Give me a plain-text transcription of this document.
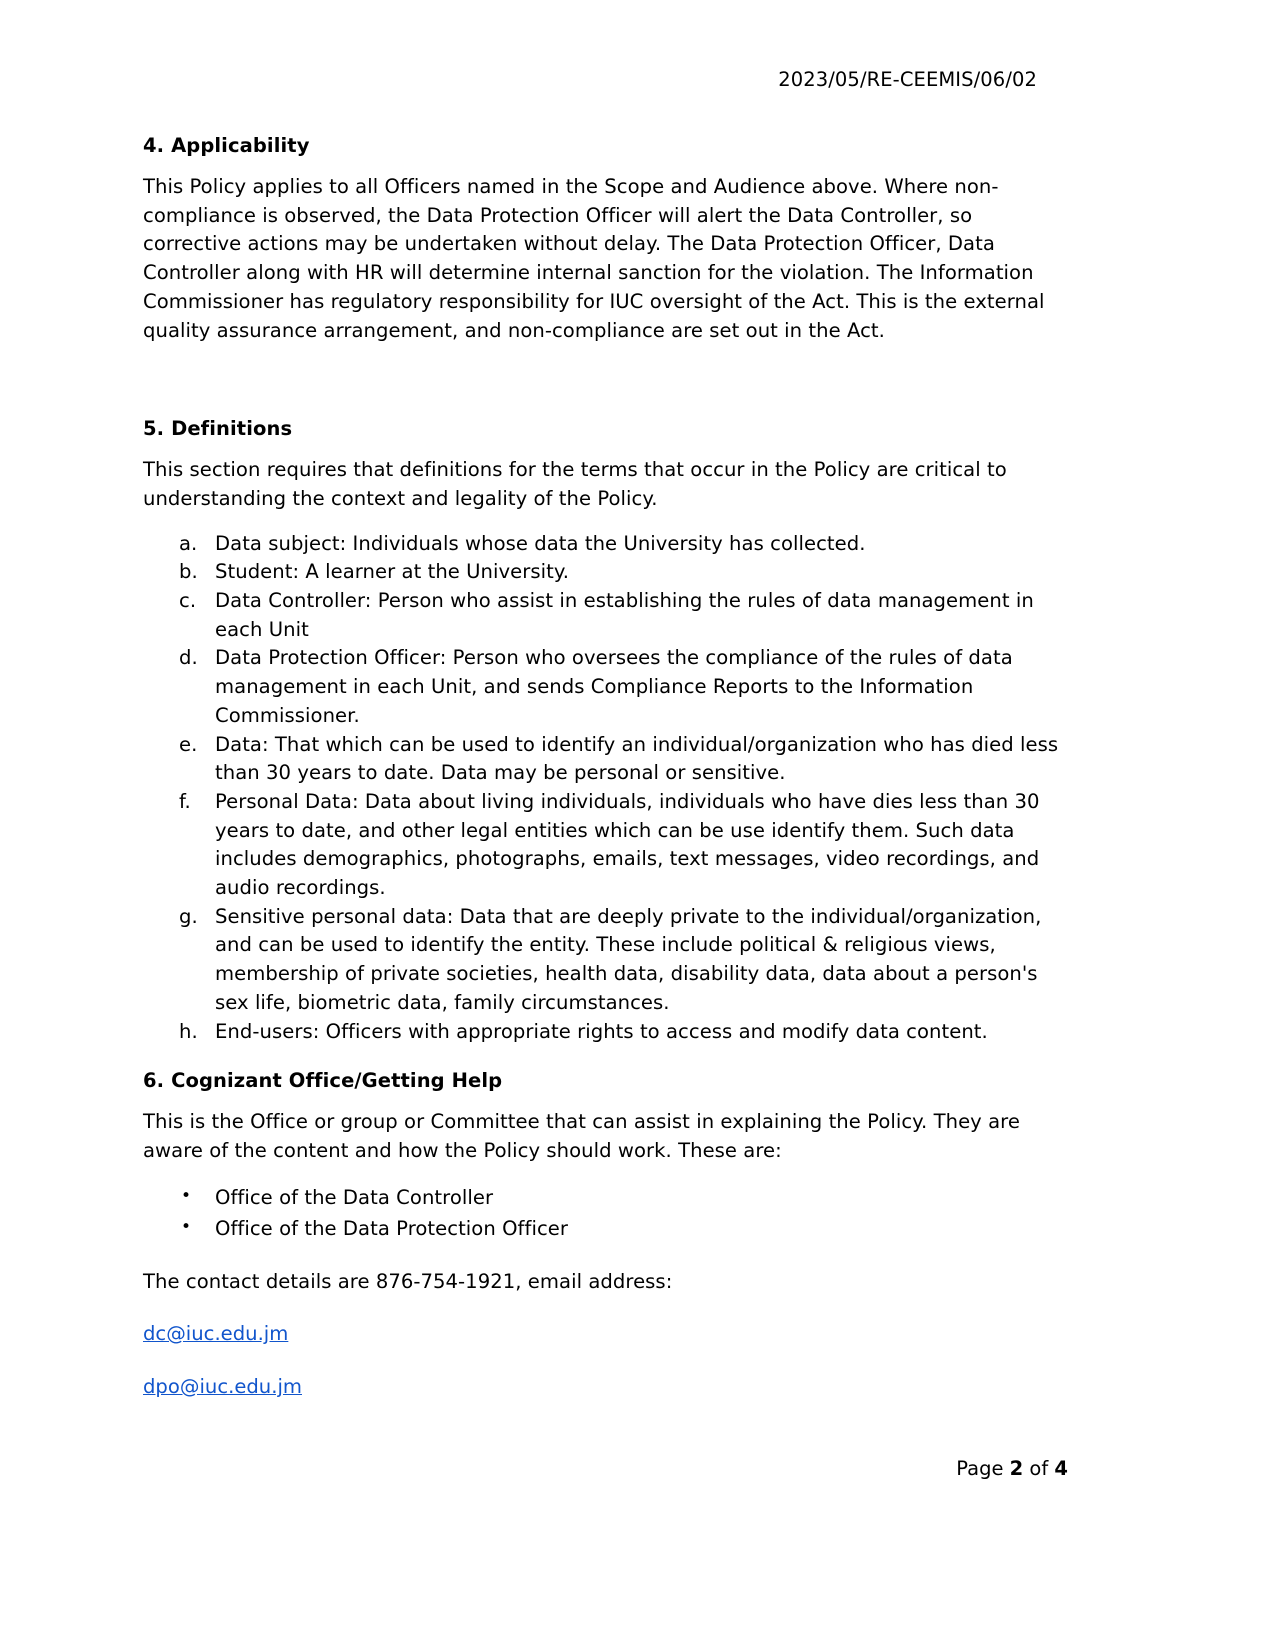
2023/05/RE-CEEMIS/06/02
4. Applicability

This Policy applies to all Officers named in the Scope and Audience above. Where non-compliance is observed, the Data Protection Officer will alert the Data Controller, so corrective actions may be undertaken without delay. The Data Protection Officer, Data Controller along with HR will determine internal sanction for the violation. The Information Commissioner has regulatory responsibility for IUC oversight of the Act. This is the external quality assurance arrangement, and non-compliance are set out in the Act.

5. Definitions

This section requires that definitions for the terms that occur in the Policy are critical to understanding the context and legality of the Policy.

a. Data subject: Individuals whose data the University has collected.
b. Student: A learner at the University.
c. Data Controller: Person who assist in establishing the rules of data management in each Unit
d. Data Protection Officer: Person who oversees the compliance of the rules of data management in each Unit, and sends Compliance Reports to the Information Commissioner.
e. Data: That which can be used to identify an individual/organization who has died less than 30 years to date. Data may be personal or sensitive.
f.	Personal Data: Data about living individuals, individuals who have dies less than 30 years to date, and other legal entities which can be use identify them. Such data includes demographics, photographs, emails, text messages, video recordings, and audio recordings.
g. Sensitive personal data: Data that are deeply private to the individual/organization, and can be used to identify the entity. These include political & religious views, membership of private societies, health data, disability data, data about a person's sex life, biometric data, family circumstances.
h. End-users: Officers with appropriate rights to access and modify data content.
6. Cognizant Office/Getting Help

This is the Office or group or Committee that can assist in explaining the Policy. They are aware of the content and how the Policy should work. These are:

• Office of the Data Controller
• Office of the Data Protection Officer

The contact details are 876-754-1921, email address:

dc@iuc.edu.jm

dpo@iuc.edu.jm

Page 2 of 4
